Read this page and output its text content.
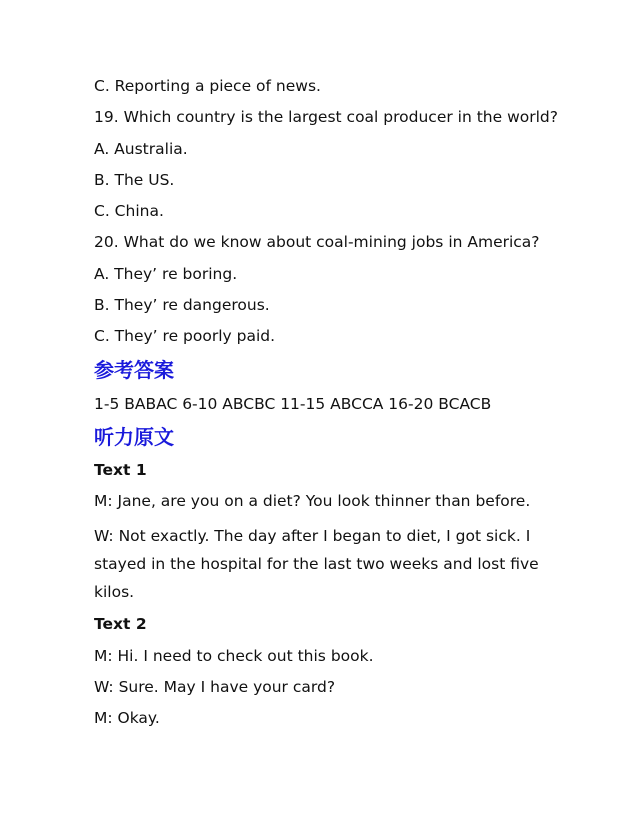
C. Reporting a piece of news.
19. Which country is the largest coal producer in the world?
A. Australia.
B. The US.
C. China.
20. What do we know about coal-mining jobs in America?
A. They’ re boring.
B. They’ re dangerous.
C. They’ re poorly paid.
参考答案
1-5 BABAC 6-10 ABCBC 11-15 ABCCA 16-20 BCACB
听力原文
Text 1
M: Jane, are you on a diet? You look thinner than before.
W: Not exactly. The day after I began to diet, I got sick. I stayed in the hospital for the last two weeks and lost five kilos.
Text 2
M: Hi. I need to check out this book.
W: Sure. May I have your card?
M: Okay.
